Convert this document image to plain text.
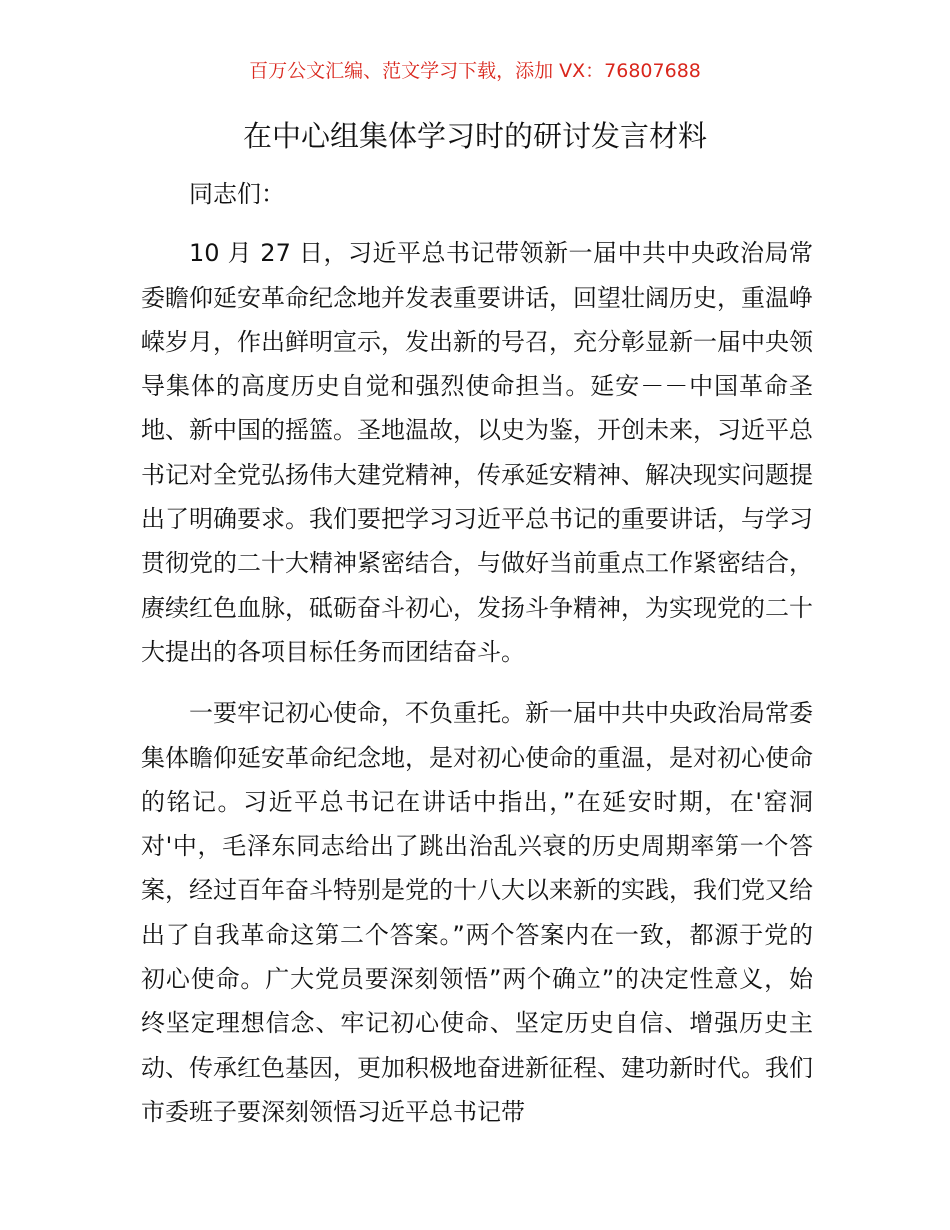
百万公文汇编、范文学习下载，添加 VX：76807688
在中心组集体学习时的研讨发言材料

同志们：

10 月 27 日，习近平总书记带领新一届中共中央政治局常委瞻仰延安革命纪念地并发表重要讲话，回望壮阔历史，重温峥嵘岁月，作出鲜明宣示，发出新的号召，充分彰显新一届中央领导集体的高度历史自觉和强烈使命担当。延安－－中国革命圣地、新中国的摇篮。圣地温故，以史为鉴，开创未来，习近平总书记对全党弘扬伟大建党精神，传承延安精神、解决现实问题提出了明确要求。我们要把学习习近平总书记的重要讲话，与学习贯彻党的二十大精神紧密结合，与做好当前重点工作紧密结合，赓续红色血脉，砥砺奋斗初心，发扬斗争精神，为实现党的二十大提出的各项目标任务而团结奋斗。

一要牢记初心使命，不负重托。新一届中共中央政治局常委集体瞻仰延安革命纪念地，是对初心使命的重温，是对初心使命的铭记。习近平总书记在讲话中指出，”在延安时期，在'窑洞对'中，毛泽东同志给出了跳出治乱兴衰的历史周期率第一个答案，经过百年奋斗特别是党的十八大以来新的实践，我们党又给出了自我革命这第二个答案。”两个答案内在一致，都源于党的初心使命。广大党员要深刻领悟”两个确立”的决定性意义，始终坚定理想信念、牢记初心使命、坚定历史自信、增强历史主动、传承红色基因，更加积极地奋进新征程、建功新时代。我们市委班子要深刻领悟习近平总书记带
